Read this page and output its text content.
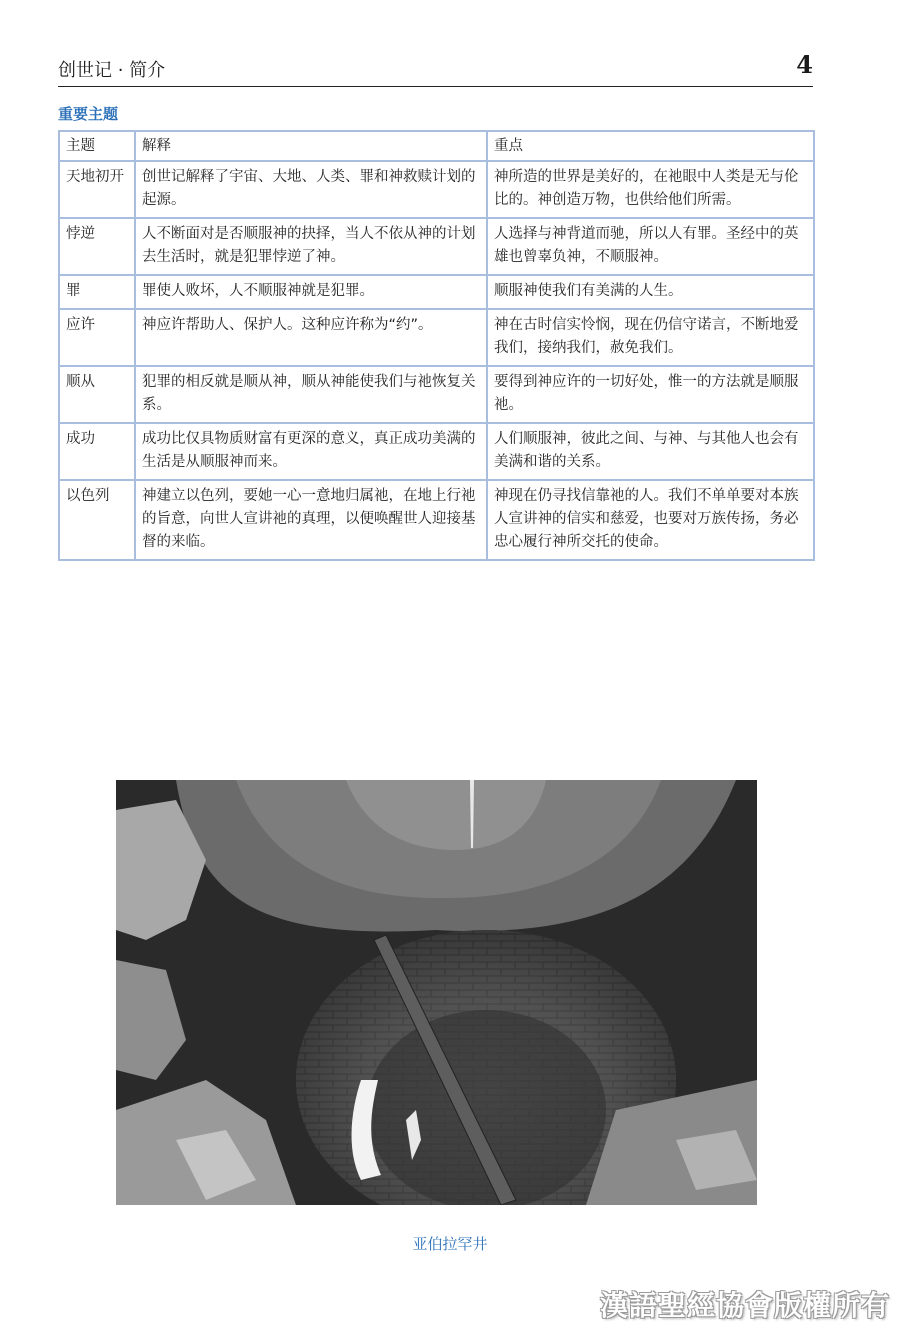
创世记 · 简介	4
重要主题
主题	解释	重点
天地初开	创世记解释了宇宙、大地、人类、罪和神救赎计划的起源。	神所造的世界是美好的，在祂眼中人类是无与伦比的。神创造万物，也供给他们所需。
悖逆	人不断面对是否顺服神的抉择，当人不依从神的计划去生活时，就是犯罪悖逆了神。	人选择与神背道而驰，所以人有罪。圣经中的英雄也曾辜负神，不顺服神。
罪	罪使人败坏，人不顺服神就是犯罪。	顺服神使我们有美满的人生。
应许	神应许帮助人、保护人。这种应许称为“约”。	神在古时信实怜悯，现在仍信守诺言，不断地爱我们，接纳我们，赦免我们。
顺从	犯罪的相反就是顺从神，顺从神能使我们与祂恢复关系。	要得到神应许的一切好处，惟一的方法就是顺服祂。
成功	成功比仅具物质财富有更深的意义，真正成功美满的生活是从顺服神而来。	人们顺服神，彼此之间、与神、与其他人也会有美满和谐的关系。
以色列	神建立以色列，要她一心一意地归属祂，在地上行祂的旨意，向世人宣讲祂的真理，以便唤醒世人迎接基督的来临。	神现在仍寻找信靠祂的人。我们不单单要对本族人宣讲神的信实和慈爱，也要对万族传扬，务必忠心履行神所交托的使命。
亚伯拉罕井
漢語聖經協會版權所有
